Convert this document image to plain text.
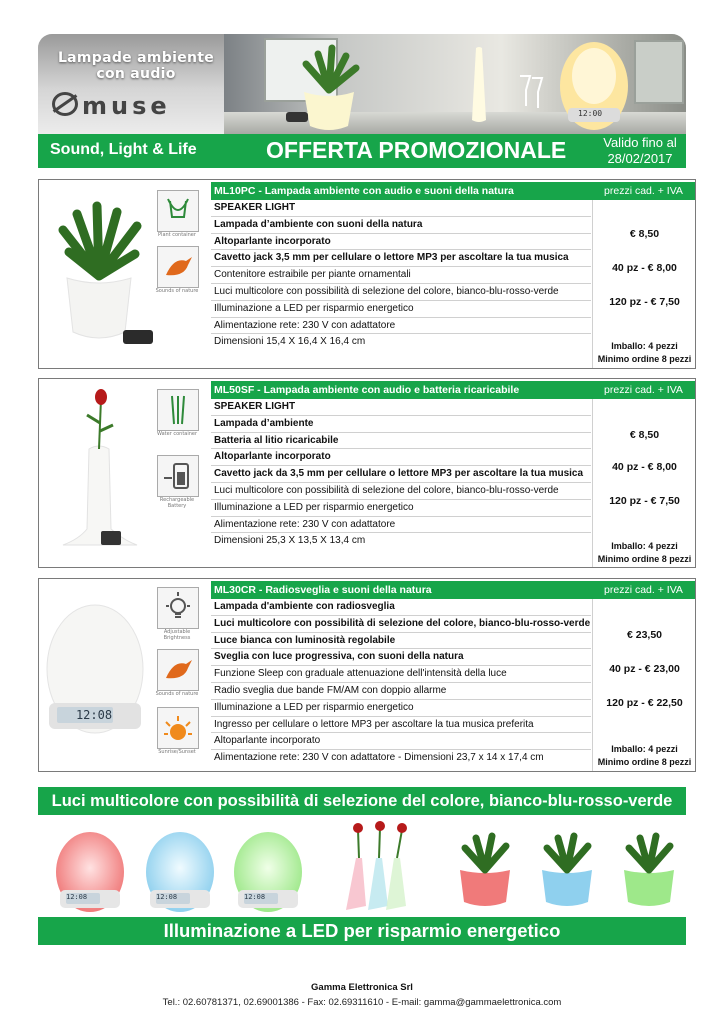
Lampade ambiente
con audio
muse	12:00
Sound, Light & Life	OFFERTA PROMOZIONALE	Valido fino al
28/02/2017
Plant container
Sounds of nature
ML10PC - Lampada ambiente con audio e suoni della natura	prezzi cad. + IVA
SPEAKER LIGHT
Lampada d’ambiente con suoni della natura
Altoparlante incorporato
Cavetto jack 3,5 mm per cellulare o lettore MP3 per ascoltare la tua musica
Contenitore estraibile per piante ornamentali
Luci multicolore con possibilità di selezione del colore, bianco-blu-rosso-verde
Illuminazione a LED per risparmio energetico
Alimentazione rete: 230 V con adattatore
Dimensioni 15,4 X 16,4 X 16,4 cm
€ 8,50
40 pz - € 8,00
120 pz - € 7,50
Imballo: 4 pezzi
Minimo ordine 8 pezzi
Water container
Rechargeable Battery
ML50SF - Lampada ambiente con audio e batteria ricaricabile	prezzi cad. + IVA
SPEAKER LIGHT
Lampada d’ambiente
Batteria al litio ricaricabile
Altoparlante incorporato
Cavetto jack da 3,5 mm per cellulare o lettore MP3 per ascoltare la tua musica
Luci multicolore con possibilità di selezione del colore, bianco-blu-rosso-verde
Illuminazione a LED per risparmio energetico
Alimentazione rete: 230 V con adattatore
Dimensioni 25,3 X 13,5 X 13,4 cm
€ 8,50
40 pz - € 8,00
120 pz - € 7,50
Imballo: 4 pezzi
Minimo ordine 8 pezzi
12:08
Adjustable Brightness
Sounds of nature
Sunrise/Sunset
ML30CR - Radiosveglia e suoni della natura	prezzi cad. + IVA
Lampada d'ambiente con radiosveglia
Luci multicolore con possibilità di selezione del colore, bianco-blu-rosso-verde
Luce bianca con luminosità regolabile
Sveglia con luce progressiva, con suoni della natura
Funzione Sleep con graduale attenuazione dell'intensità della luce
Radio sveglia due bande FM/AM con doppio allarme
Illuminazione a LED per risparmio energetico
Ingresso per cellulare o lettore MP3 per ascoltare la tua musica preferita
Altoparlante incorporato
Alimentazione rete: 230 V con adattatore - Dimensioni 23,7 x 14 x 17,4 cm
€ 23,50
40 pz - € 23,00
120 pz - € 22,50
Imballo: 4 pezzi
Minimo ordine 8 pezzi
Luci multicolore con possibilità di selezione del colore, bianco-blu-rosso-verde
12:08	12:08	12:08
Illuminazione a LED per risparmio energetico
Gamma Elettronica Srl
Tel.: 02.60781371, 02.69001386 - Fax: 02.69311610 - E-mail: gamma@gammaelettronica.com
